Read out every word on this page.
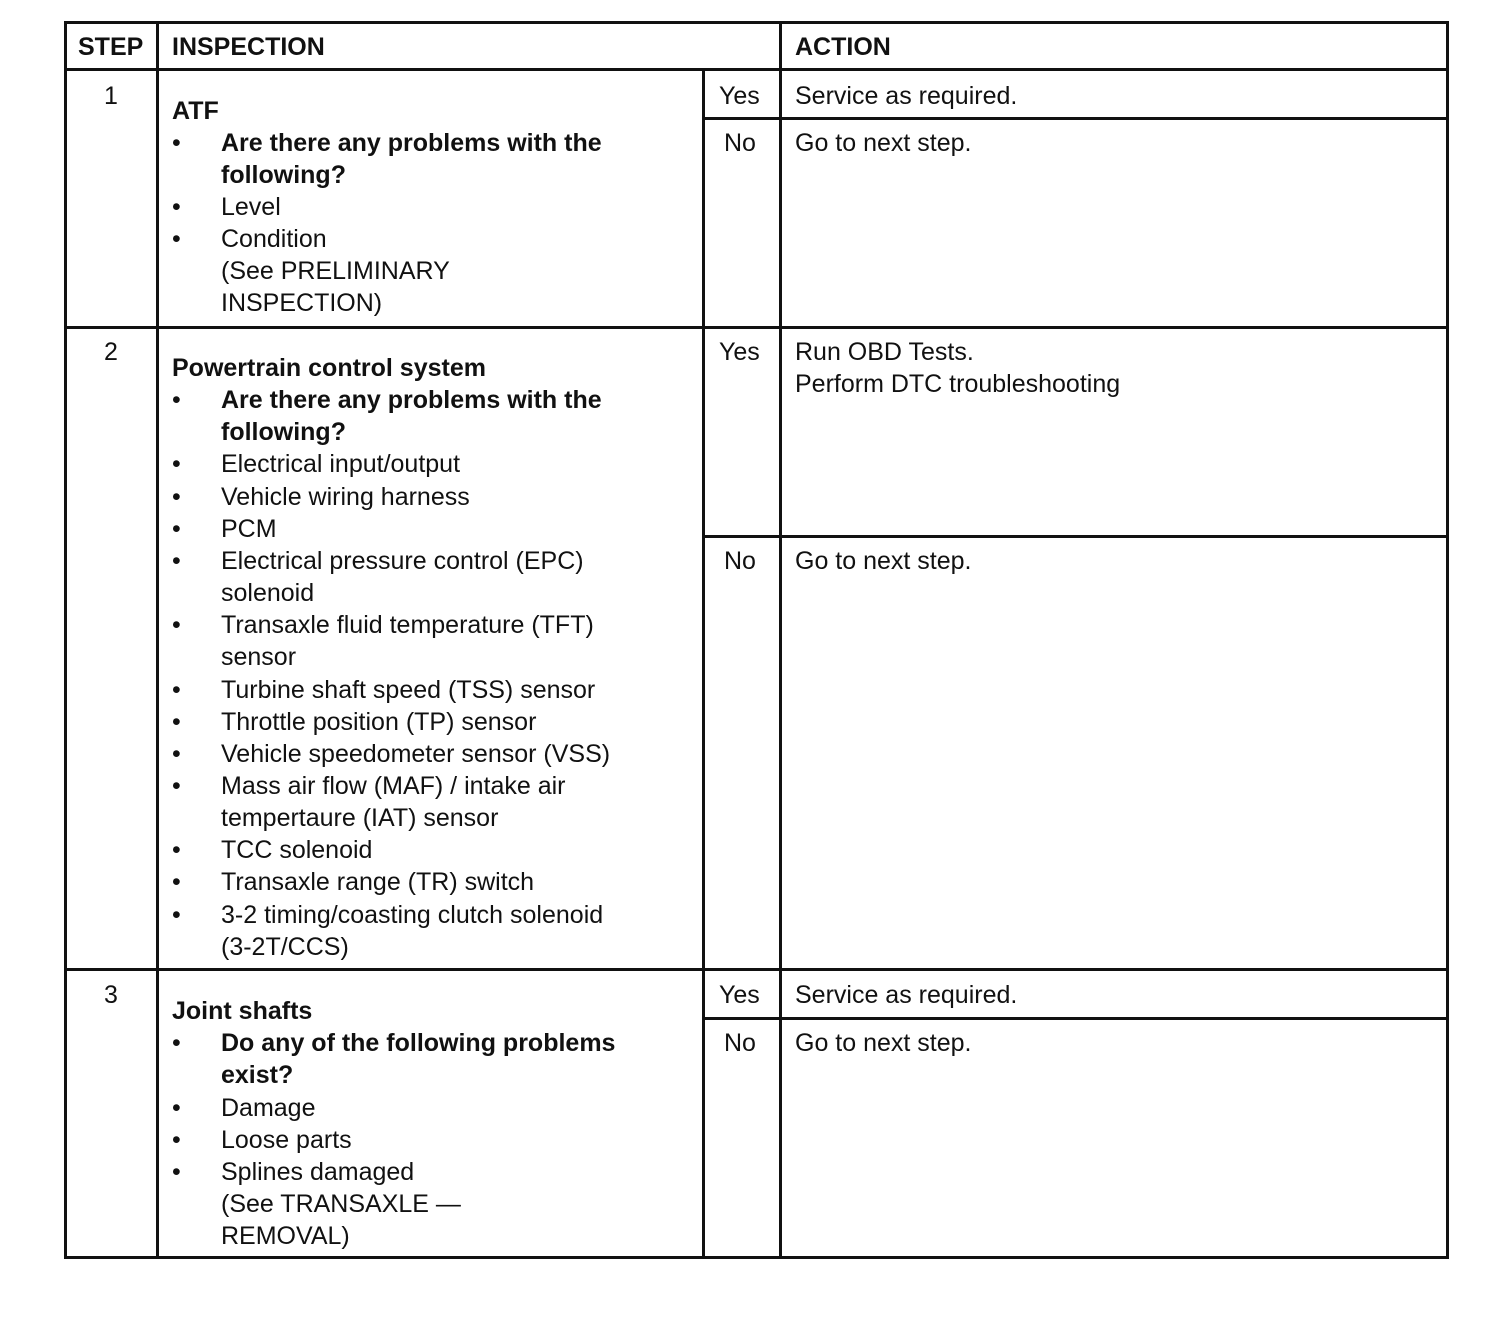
STEP INSPECTION	ACTION
1
ATF
• Are there any problems with the
following?
• Level
• Condition
(See PRELIMINARY
INSPECTION)
Yes Service as required.
No Go to next step.
2
Powertrain control system
• Are there any problems with the
following?
• Electrical input/output
• Vehicle wiring harness
• PCM
• Electrical pressure control (EPC)
solenoid
• Transaxle fluid temperature (TFT)
sensor
• Turbine shaft speed (TSS) sensor
• Throttle position (TP) sensor
• Vehicle speedometer sensor (VSS)
• Mass air flow (MAF) / intake air
tempertaure (IAT) sensor
• TCC solenoid
• Transaxle range (TR) switch
• 3-2 timing/coasting clutch solenoid
(3-2T/CCS)
Yes Run OBD Tests.
Perform DTC troubleshooting
No Go to next step.
3
Joint shafts
• Do any of the following problems
exist?
• Damage
• Loose parts
• Splines damaged
(See TRANSAXLE —
REMOVAL)
Yes Service as required.
No Go to next step.
